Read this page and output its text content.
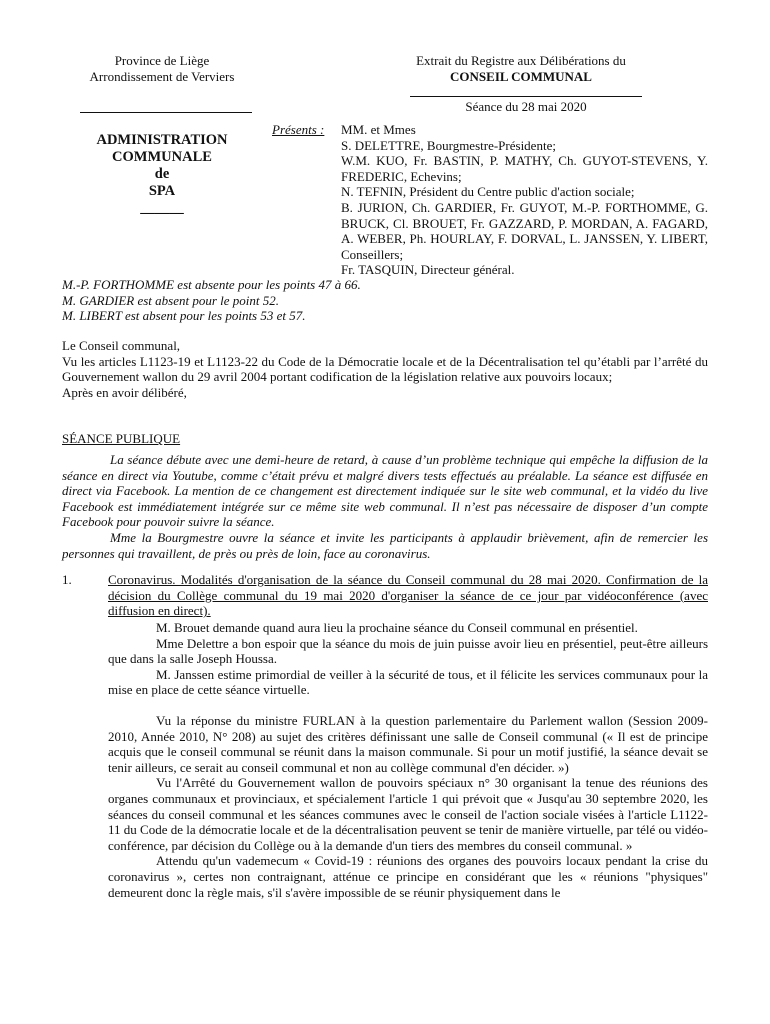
Province de Liège

Arrondissement de Verviers

Extrait du Registre aux Délibérations du

CONSEIL COMMUNAL

Séance du 28 mai 2020

ADMINISTRATION

COMMUNALE

de

SPA

______

Présents : MM. et Mmes

S. DELETTRE, Bourgmestre-Présidente;

W.M. KUO, Fr. BASTIN, P. MATHY, Ch. GUYOT-STEVENS, Y. FREDERIC, Echevins;

N. TEFNIN, Président du Centre public d'action sociale;

B. JURION, Ch. GARDIER, Fr. GUYOT, M.-P. FORTHOMME, G. BRUCK, Cl. BROUET, Fr. GAZZARD, P. MORDAN, A. FAGARD, A. WEBER, Ph. HOURLAY, F. DORVAL, L. JANSSEN, Y. LIBERT, Conseillers;

Fr. TASQUIN, Directeur général.

M.-P. FORTHOMME est absente pour les points 47 à 66.

M. GARDIER est absent pour le point 52.

M. LIBERT est absent pour les points 53 et 57.

Le Conseil communal,

Vu les articles L1123-19 et L1123-22 du Code de la Démocratie locale et de la Décentralisation tel qu’établi par l’arrêté du Gouvernement wallon du 29 avril 2004 portant codification de la législation relative aux pouvoirs locaux;

Après en avoir délibéré,

SÉANCE PUBLIQUE

La séance débute avec une demi-heure de retard, à cause d’un problème technique qui empêche la diffusion de la séance en direct via Youtube, comme c’était prévu et malgré divers tests effectués au préalable. La séance est diffusée en direct via Facebook. La mention de ce changement est directement indiquée sur le site web communal, et la vidéo du live Facebook est immédiatement intégrée sur ce même site web communal. Il n’est pas nécessaire de disposer d’un compte Facebook pour pouvoir suivre la séance.

Mme la Bourgmestre ouvre la séance et invite les participants à applaudir brièvement, afin de remercier les personnes qui travaillent, de près ou près de loin, face au coronavirus.

1.	Coronavirus. Modalités d'organisation de la séance du Conseil communal du 28 mai 2020. Confirmation de la décision du Collège communal du 19 mai 2020 d'organiser la séance de ce jour par vidéoconférence (avec diffusion en direct).

M. Brouet demande quand aura lieu la prochaine séance du Conseil communal en présentiel.

Mme Delettre a bon espoir que la séance du mois de juin puisse avoir lieu en présentiel, peut-être ailleurs que dans la salle Joseph Houssa.

M. Janssen estime primordial de veiller à la sécurité de tous, et il félicite les services communaux pour la mise en place de cette séance virtuelle.

Vu la réponse du ministre FURLAN à la question parlementaire du Parlement wallon (Session 2009-2010, Année 2010, N° 208) au sujet des critères définissant une salle de Conseil communal (« Il est de principe acquis que le conseil communal se réunit dans la maison communale. Si pour un motif justifié, la séance devait se tenir ailleurs, ce serait au conseil communal et non au collège communal d'en décider. »)

Vu l'Arrêté du Gouvernement wallon de pouvoirs spéciaux n° 30 organisant la tenue des réunions des organes communaux et provinciaux, et spécialement l'article 1 qui prévoit que « Jusqu'au 30 septembre 2020, les séances du conseil communal et les séances communes avec le conseil de l'action sociale visées à l'article L1122-11 du Code de la démocratie locale et de la décentralisation peuvent se tenir de manière virtuelle, par télé ou vidéo-conférence, par décision du Collège ou à la demande d'un tiers des membres du conseil communal. »

Attendu qu'un vademecum « Covid-19 : réunions des organes des pouvoirs locaux pendant la crise du coronavirus », certes non contraignant, atténue ce principe en considérant que les « réunions "physiques" demeurent donc la règle mais, s'il s'avère impossible de se réunir physiquement dans le
